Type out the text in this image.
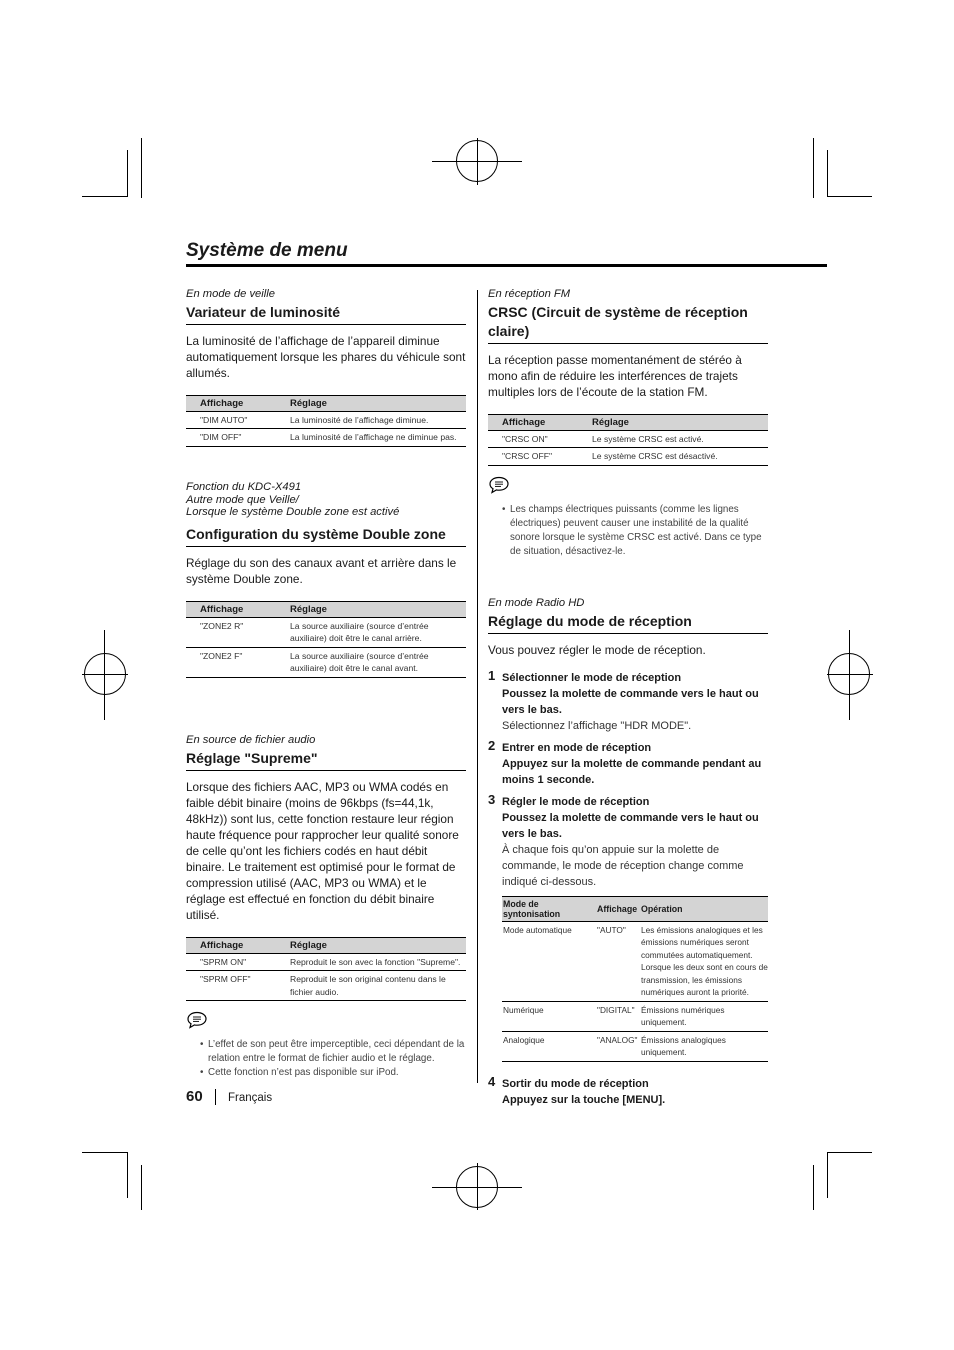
Système de menu
En mode de veille
Variateur de luminosité
La luminosité de l’affichage de l’appareil diminue automatiquement lorsque les phares du véhicule sont allumés.
Affichage	Réglage
"DIM AUTO"	La luminosité de l’affichage diminue.
"DIM OFF"	La luminosité de l’affichage ne diminue pas.
Fonction du KDC-X491
Autre mode que Veille/
Lorsque le système Double zone est activé
Configuration du système Double zone
Réglage du son des canaux avant et arrière dans le système Double zone.
Affichage	Réglage
"ZONE2 R"	La source auxiliaire (source d’entrée auxiliaire) doit être le canal arrière.
"ZONE2 F"	La source auxiliaire (source d’entrée auxiliaire) doit être le canal avant.
En source de fichier audio
Réglage "Supreme"
Lorsque des fichiers AAC, MP3 ou WMA codés en faible débit binaire (moins de 96kbps (fs=44,1k, 48kHz)) sont lus, cette fonction restaure leur région haute fréquence pour rapprocher leur qualité sonore de celle qu’ont les fichiers codés en haut débit binaire. Le traitement est optimisé pour le format de compression utilisé (AAC, MP3 ou WMA) et le réglage est effectué en fonction du débit binaire utilisé.
Affichage	Réglage
"SPRM ON"	Reproduit le son avec la fonction "Supreme".
"SPRM OFF"	Reproduit le son original contenu dans le fichier audio.
• L’effet de son peut être imperceptible, ceci dépendant de la relation entre le format de fichier audio et le réglage.
• Cette fonction n’est pas disponible sur iPod.
En réception FM
CRSC (Circuit de système de réception claire)
La réception passe momentanément de stéréo à mono afin de réduire les interférences de trajets multiples lors de l’écoute de la station FM.
Affichage	Réglage
"CRSC ON"	Le système CRSC est activé.
"CRSC OFF"	Le système CRSC est désactivé.
• Les champs électriques puissants (comme les lignes électriques) peuvent causer une instabilité de la qualité sonore lorsque le système CRSC est activé. Dans ce type de situation, désactivez-le.
En mode Radio HD
Réglage du mode de réception
Vous pouvez régler le mode de réception.
1 Sélectionner le mode de réception
Poussez la molette de commande vers le haut ou vers le bas.
Sélectionnez l’affichage "HDR MODE".
2 Entrer en mode de réception
Appuyez sur la molette de commande pendant au moins 1 seconde.
3 Régler le mode de réception
Poussez la molette de commande vers le haut ou vers le bas.
À chaque fois qu’on appuie sur la molette de commande, le mode de réception change comme indiqué ci-dessous.
Mode de syntonisation	Affichage	Opération
Mode automatique	"AUTO"	Les émissions analogiques et les émissions numériques seront commutées automatiquement. Lorsque les deux sont en cours de transmission, les émissions numériques auront la priorité.
Numérique	"DIGITAL"	Émissions numériques uniquement.
Analogique	"ANALOG"	Émissions analogiques uniquement.
4 Sortir du mode de réception
Appuyez sur la touche [MENU].
60 Français
